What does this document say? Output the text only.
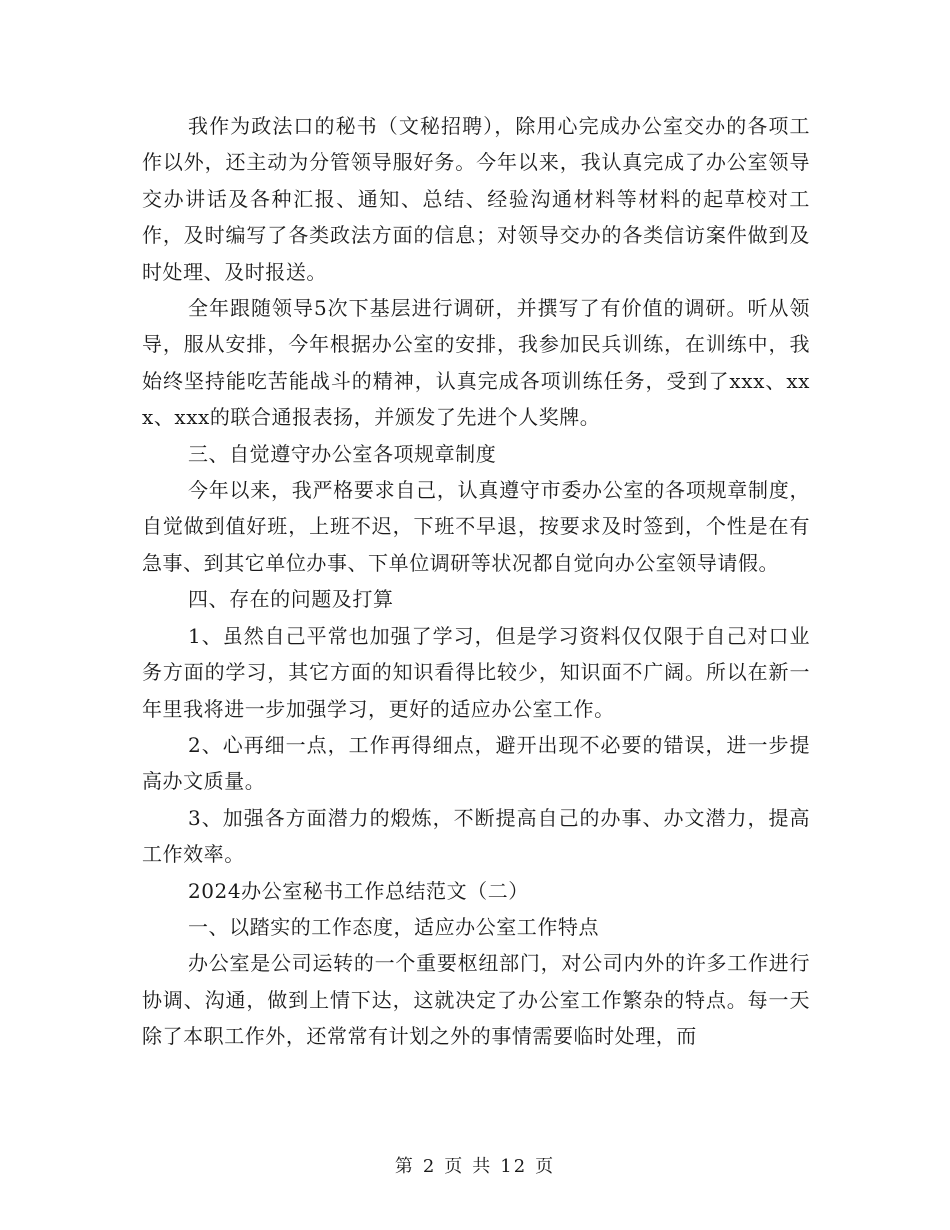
我作为政法口的秘书（文秘招聘），除用心完成办公室交办的各项工作以外，还主动为分管领导服好务。今年以来，我认真完成了办公室领导交办讲话及各种汇报、通知、总结、经验沟通材料等材料的起草校对工作，及时编写了各类政法方面的信息；对领导交办的各类信访案件做到及时处理、及时报送。

全年跟随领导5次下基层进行调研，并撰写了有价值的调研。听从领导，服从安排，今年根据办公室的安排，我参加民兵训练，在训练中，我始终坚持能吃苦能战斗的精神，认真完成各项训练任务，受到了xxx、xxx、xxx的联合通报表扬，并颁发了先进个人奖牌。

三、自觉遵守办公室各项规章制度

今年以来，我严格要求自己，认真遵守市委办公室的各项规章制度，自觉做到值好班，上班不迟，下班不早退，按要求及时签到，个性是在有急事、到其它单位办事、下单位调研等状况都自觉向办公室领导请假。

四、存在的问题及打算

1、虽然自己平常也加强了学习，但是学习资料仅仅限于自己对口业务方面的学习，其它方面的知识看得比较少，知识面不广阔。所以在新一年里我将进一步加强学习，更好的适应办公室工作。

2、心再细一点，工作再得细点，避开出现不必要的错误，进一步提高办文质量。

3、加强各方面潜力的煅炼，不断提高自己的办事、办文潜力，提高工作效率。

2024办公室秘书工作总结范文（二）

一、以踏实的工作态度，适应办公室工作特点

办公室是公司运转的一个重要枢纽部门，对公司内外的许多工作进行协调、沟通，做到上情下达，这就决定了办公室工作繁杂的特点。每一天除了本职工作外，还常常有计划之外的事情需要临时处理，而

第 2 页 共 12 页
